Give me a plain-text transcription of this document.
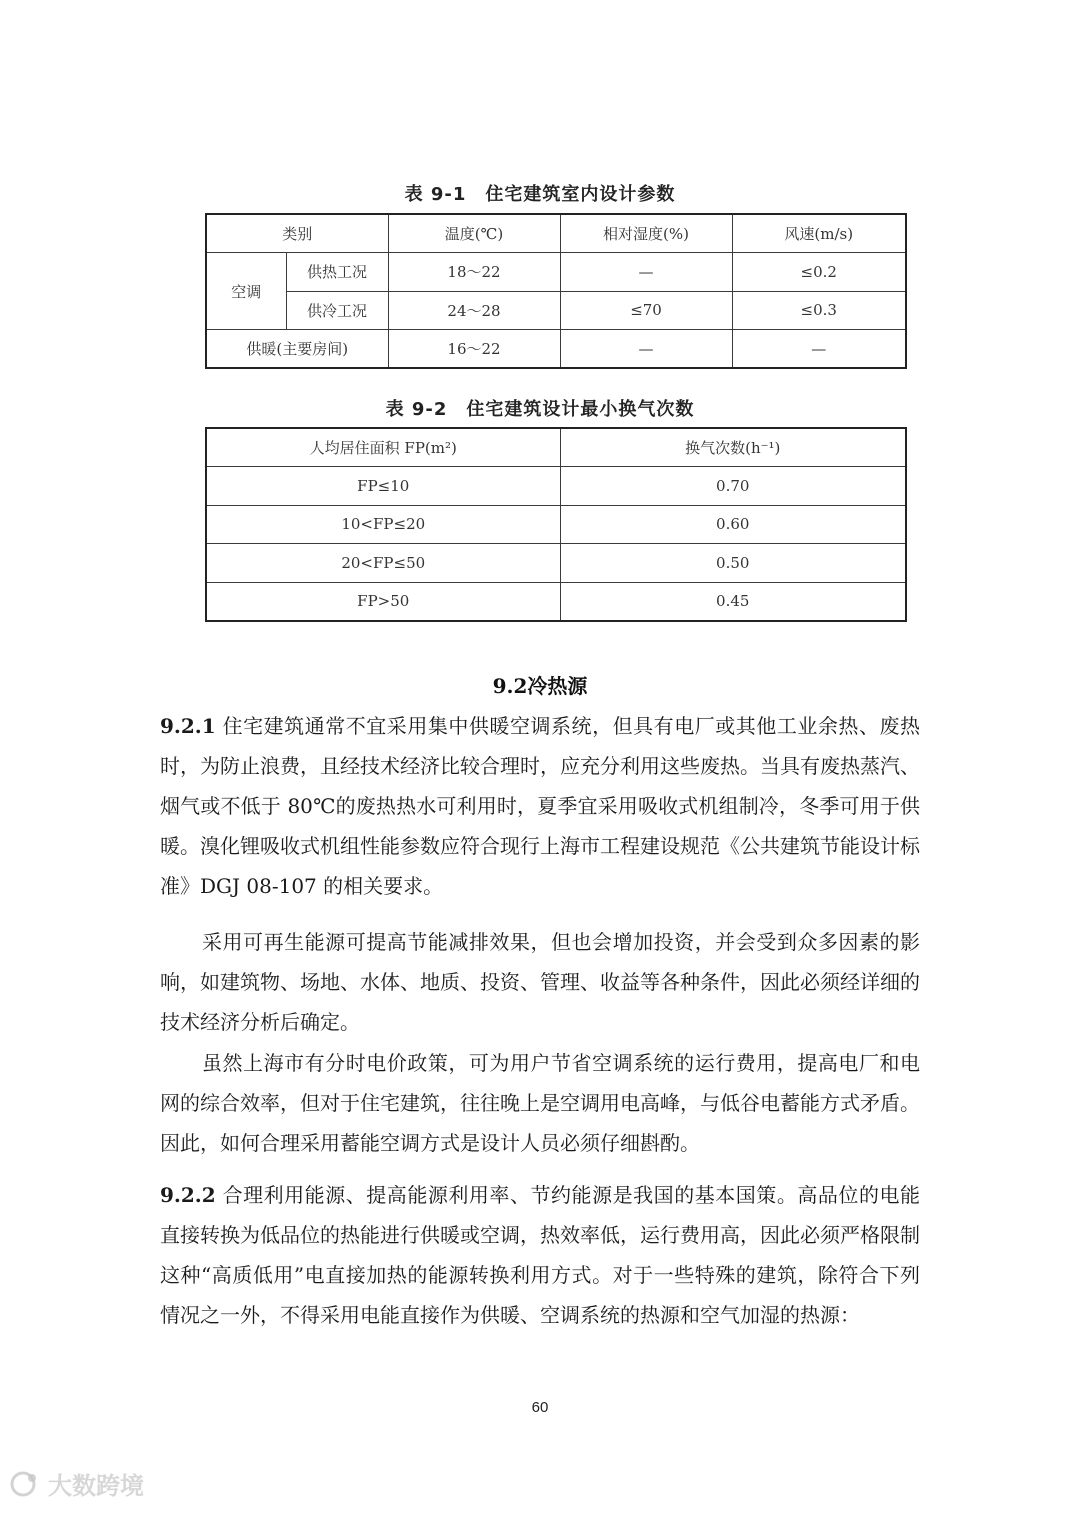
表 9-1　住宅建筑室内设计参数
类别		温度(℃)	相对湿度(%)	风速(m/s)
空调	供热工况	18～22	—	≤0.2
	供冷工况	24～28	≤70	≤0.3
供暖(主要房间)		16～22	—	—
表 9-2　住宅建筑设计最小换气次数
人均居住面积 FP(m²)	换气次数(h⁻¹)
FP≤10	0.70
10<FP≤20	0.60
20<FP≤50	0.50
FP>50	0.45
9.2冷热源
9.2.1 住宅建筑通常不宜采用集中供暖空调系统，但具有电厂或其他工业余热、废热时，为防止浪费，且经技术经济比较合理时，应充分利用这些废热。当具有废热蒸汽、烟气或不低于 80℃的废热热水可利用时，夏季宜采用吸收式机组制冷，冬季可用于供暖。溴化锂吸收式机组性能参数应符合现行上海市工程建设规范《公共建筑节能设计标准》DGJ 08-107 的相关要求。
采用可再生能源可提高节能减排效果，但也会增加投资，并会受到众多因素的影响，如建筑物、场地、水体、地质、投资、管理、收益等各种条件，因此必须经详细的技术经济分析后确定。
虽然上海市有分时电价政策，可为用户节省空调系统的运行费用，提高电厂和电网的综合效率，但对于住宅建筑，往往晚上是空调用电高峰，与低谷电蓄能方式矛盾。因此，如何合理采用蓄能空调方式是设计人员必须仔细斟酌。
9.2.2 合理利用能源、提高能源利用率、节约能源是我国的基本国策。高品位的电能直接转换为低品位的热能进行供暖或空调，热效率低，运行费用高，因此必须严格限制这种“高质低用”电直接加热的能源转换利用方式。对于一些特殊的建筑，除符合下列情况之一外，不得采用电能直接作为供暖、空调系统的热源和空气加湿的热源：
60
大数跨境
